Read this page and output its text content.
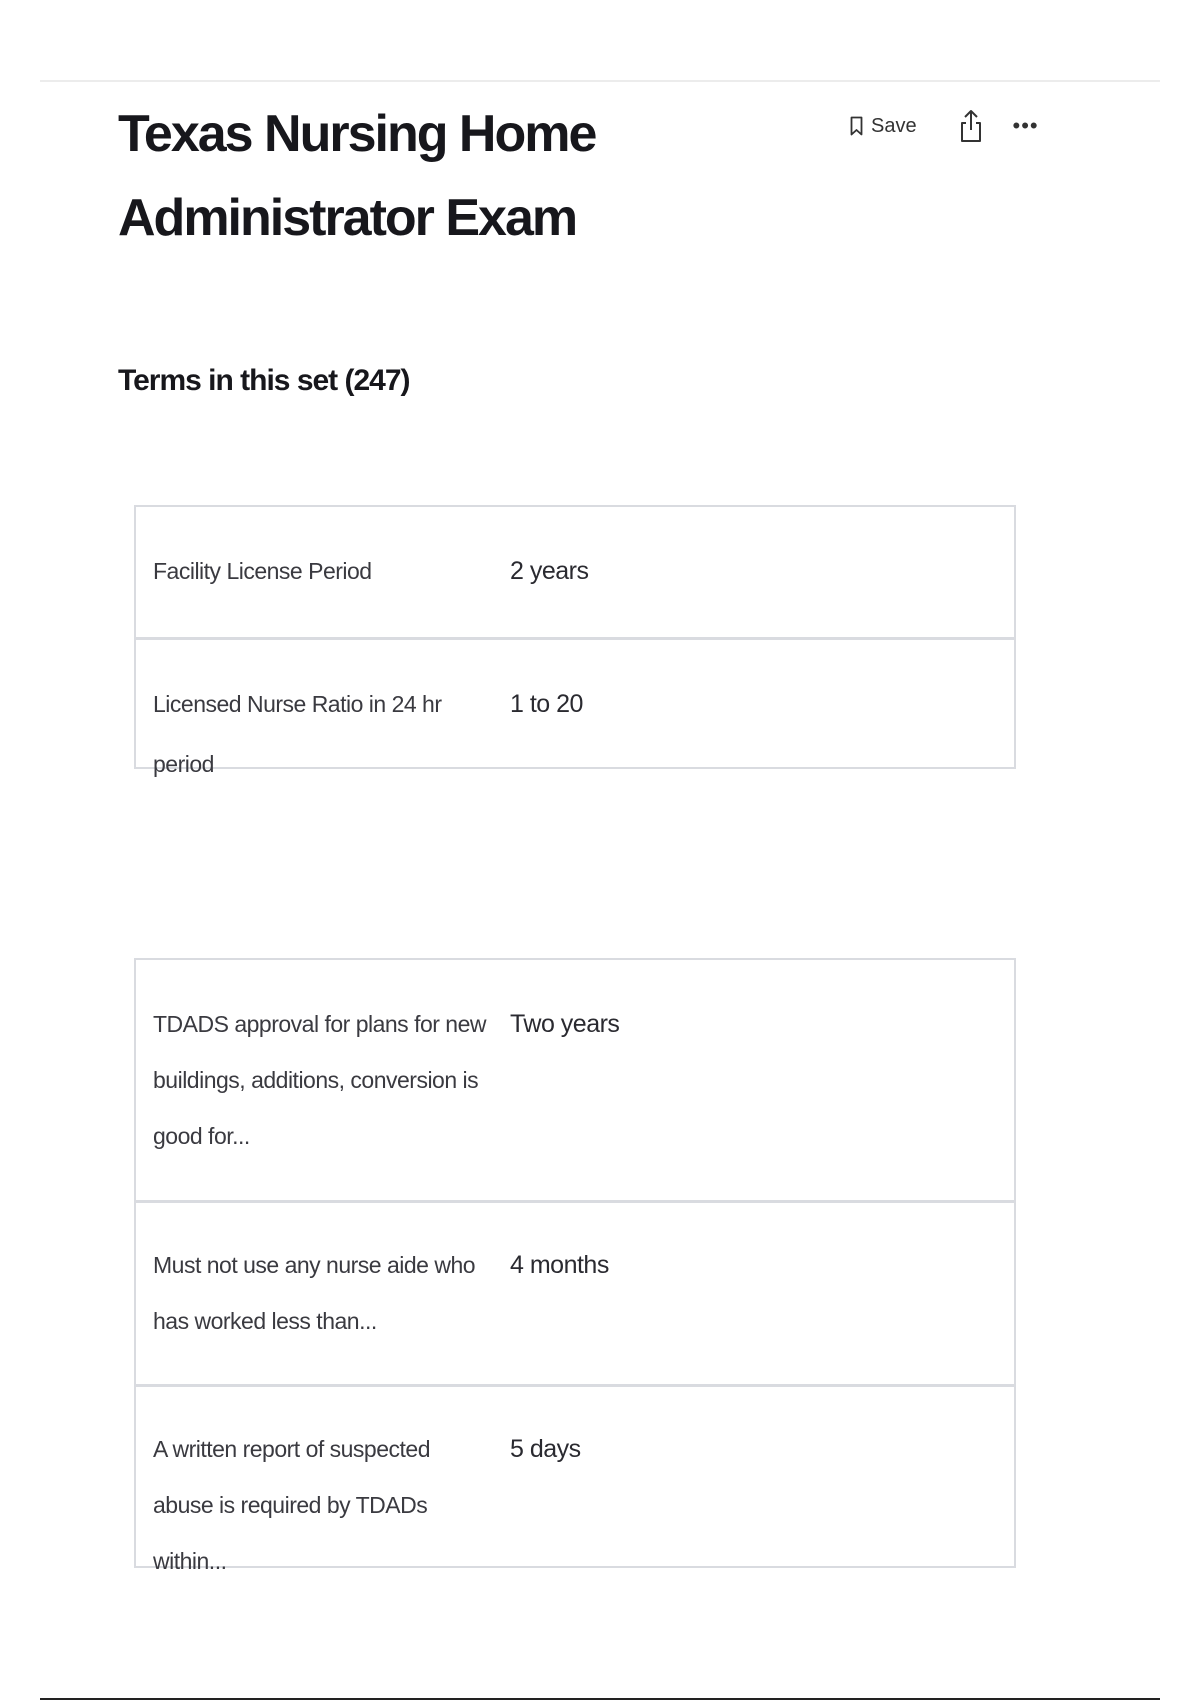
Texas Nursing Home Administrator Exam
Save	•••
Terms in this set (247)
Facility License Period	2 years
Licensed Nurse Ratio in 24 hr period
1 to 20
TDADS approval for plans for new buildings, additions, conversion is good for...
Two years
Must not use any nurse aide who has worked less than...
4 months
A written report of suspected abuse is required by TDADs within...
5 days
